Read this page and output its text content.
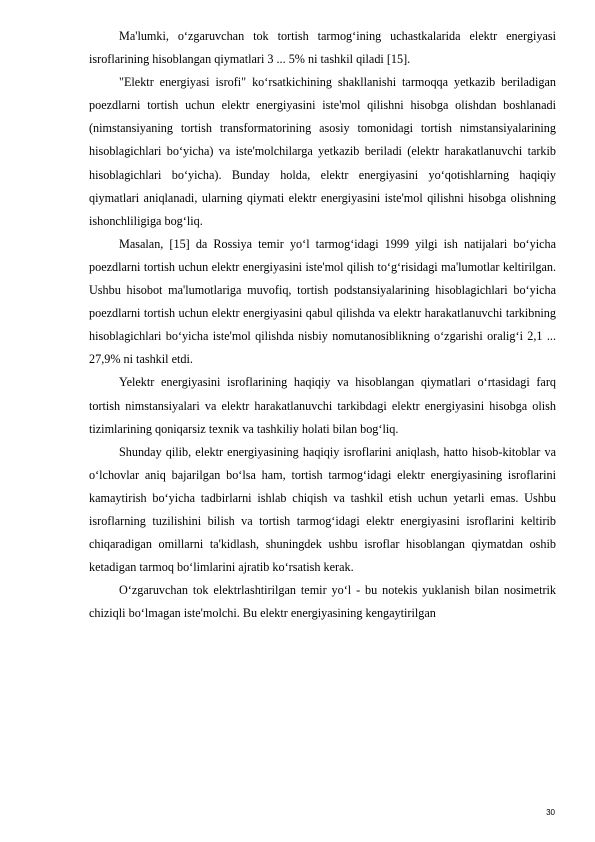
Ma'lumki, o‘zgaruvchan tok tortish tarmog‘ining uchastkalarida elektr energiyasi isroflarining hisoblangan qiymatlari 3 ... 5% ni tashkil qiladi [15].

"Elektr energiyasi isrofi" ko‘rsatkichining shakllanishi tarmoqqa yetkazib beriladigan poezdlarni tortish uchun elektr energiyasini iste'mol qilishni hisobga olishdan boshlanadi (nimstansiyaning tortish transformatorining asosiy tomonidagi tortish nimstansiyalarining hisoblagichlari bo‘yicha) va iste'molchilarga yetkazib beriladi (elektr harakatlanuvchi tarkib hisoblagichlari bo‘yicha). Bunday holda, elektr energiyasini yo‘qotishlarning haqiqiy qiymatlari aniqlanadi, ularning qiymati elektr energiyasini iste'mol qilishni hisobga olishning ishonchliligiga bog‘liq.

Masalan, [15] da Rossiya temir yo‘l tarmog‘idagi 1999 yilgi ish natijalari bo‘yicha poezdlarni tortish uchun elektr energiyasini iste'mol qilish to‘g‘risidagi ma'lumotlar keltirilgan. Ushbu hisobot ma'lumotlariga muvofiq, tortish podstansiyalarining hisoblagichlari bo‘yicha poezdlarni tortish uchun elektr energiyasini qabul qilishda va elektr harakatlanuvchi tarkibning hisoblagichlari bo‘yicha iste'mol qilishda nisbiy nomutanosiblikning o‘zgarishi oralig‘i 2,1 ... 27,9% ni tashkil etdi.

Yelektr energiyasini isroflarining haqiqiy va hisoblangan qiymatlari o‘rtasidagi farq tortish nimstansiyalari va elektr harakatlanuvchi tarkibdagi elektr energiyasini hisobga olish tizimlarining qoniqarsiz texnik va tashkiliy holati bilan bog‘liq.

Shunday qilib, elektr energiyasining haqiqiy isroflarini aniqlash, hatto hisob-kitoblar va o‘lchovlar aniq bajarilgan bo‘lsa ham, tortish tarmog‘idagi elektr energiyasining isroflarini kamaytirish bo‘yicha tadbirlarni ishlab chiqish va tashkil etish uchun yetarli emas. Ushbu isroflarning tuzilishini bilish va tortish tarmog‘idagi elektr energiyasini isroflarini keltirib chiqaradigan omillarni ta'kidlash, shuningdek ushbu isroflar hisoblangan qiymatdan oshib ketadigan tarmoq bo‘limlarini ajratib ko‘rsatish kerak.

O‘zgaruvchan tok elektrlashtirilgan temir yo‘l - bu notekis yuklanish bilan nosimetrik chiziqli bo‘lmagan iste'molchi. Bu elektr energiyasining kengaytirilgan

30
